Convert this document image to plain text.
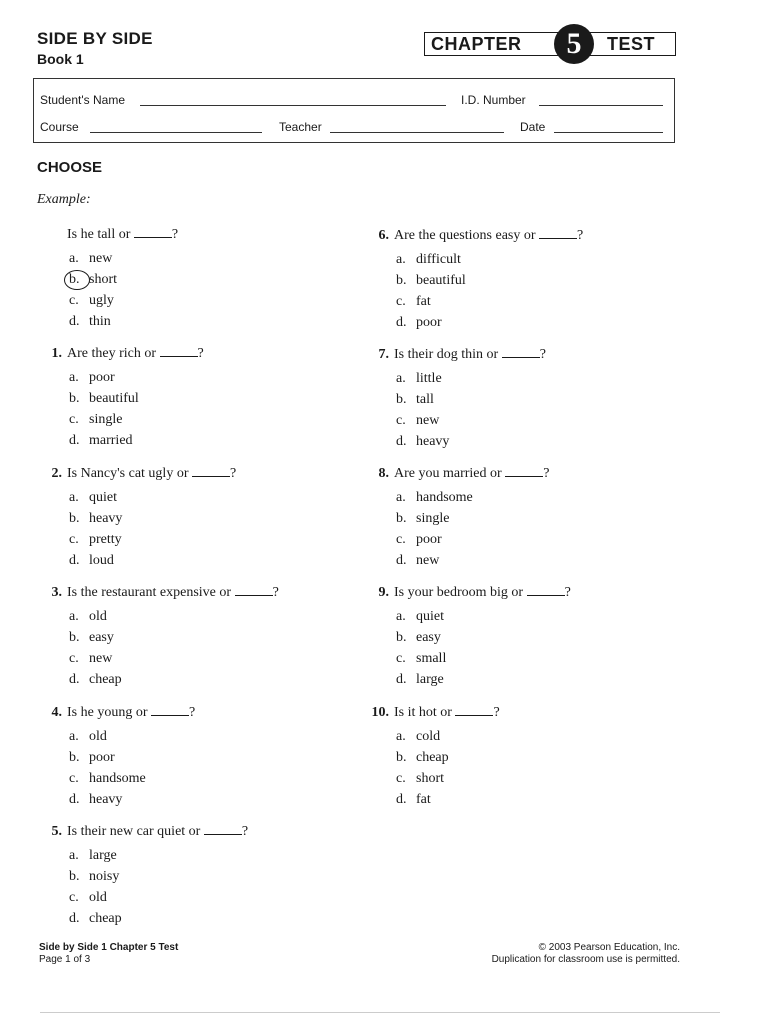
SIDE BY SIDE
Book 1
CHAPTER	5	TEST
Student's Name	I.D. Number
Course	Teacher	Date
CHOOSE
Example:
Is he tall or	?
a. new
b. short
c. ugly
d. thin
1. Are they rich or	?
a. poor
b. beautiful
c. single
d. married
2. Is Nancy's cat ugly or	?
a. quiet
b. heavy
c. pretty
d. loud
3. Is the restaurant expensive or	?
a. old
b. easy
c. new
d. cheap
4. Is he young or	?
a. old
b. poor
c. handsome
d. heavy
5. Is their new car quiet or	?
a. large
b. noisy
c. old
d. cheap
6. Are the questions easy or	?
a. difficult
b. beautiful
c. fat
d. poor
7. Is their dog thin or	?
a. little
b. tall
c. new
d. heavy
8. Are you married or	?
a. handsome
b. single
c. poor
d. new
9. Is your bedroom big or	?
a. quiet
b. easy
c. small
d. large
10. Is it hot or	?
a. cold
b. cheap
c. short
d. fat
Side by Side 1 Chapter 5 Test
Page 1 of 3
© 2003 Pearson Education, Inc.
Duplication for classroom use is permitted.
